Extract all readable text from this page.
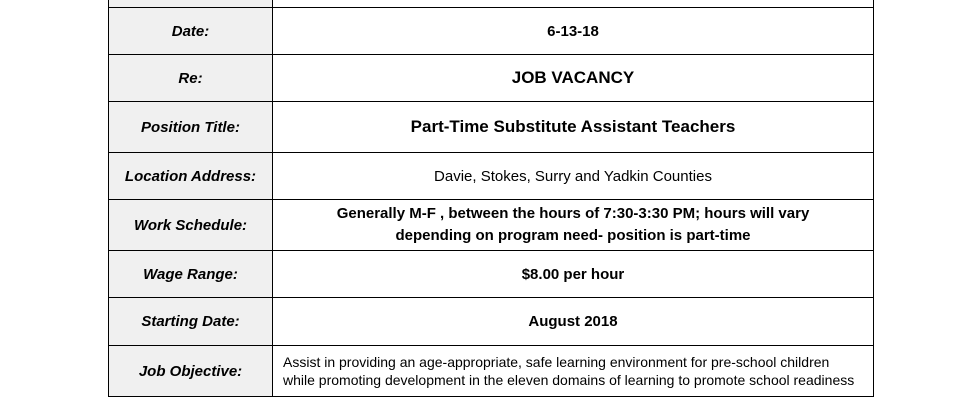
Date:	6-13-18
Re:	JOB VACANCY
Position Title:	Part-Time Substitute Assistant Teachers
Location Address:	Davie, Stokes, Surry and Yadkin Counties
Work Schedule:	Generally M-F , between the hours of 7:30-3:30 PM; hours will vary
depending on program need- position is part-time

Wage Range:	$8.00 per hour
Starting Date:	August 2018
Job Objective:	Assist in providing an age-appropriate, safe learning environment for pre-school children while promoting development in the eleven domains of learning to promote school readiness
